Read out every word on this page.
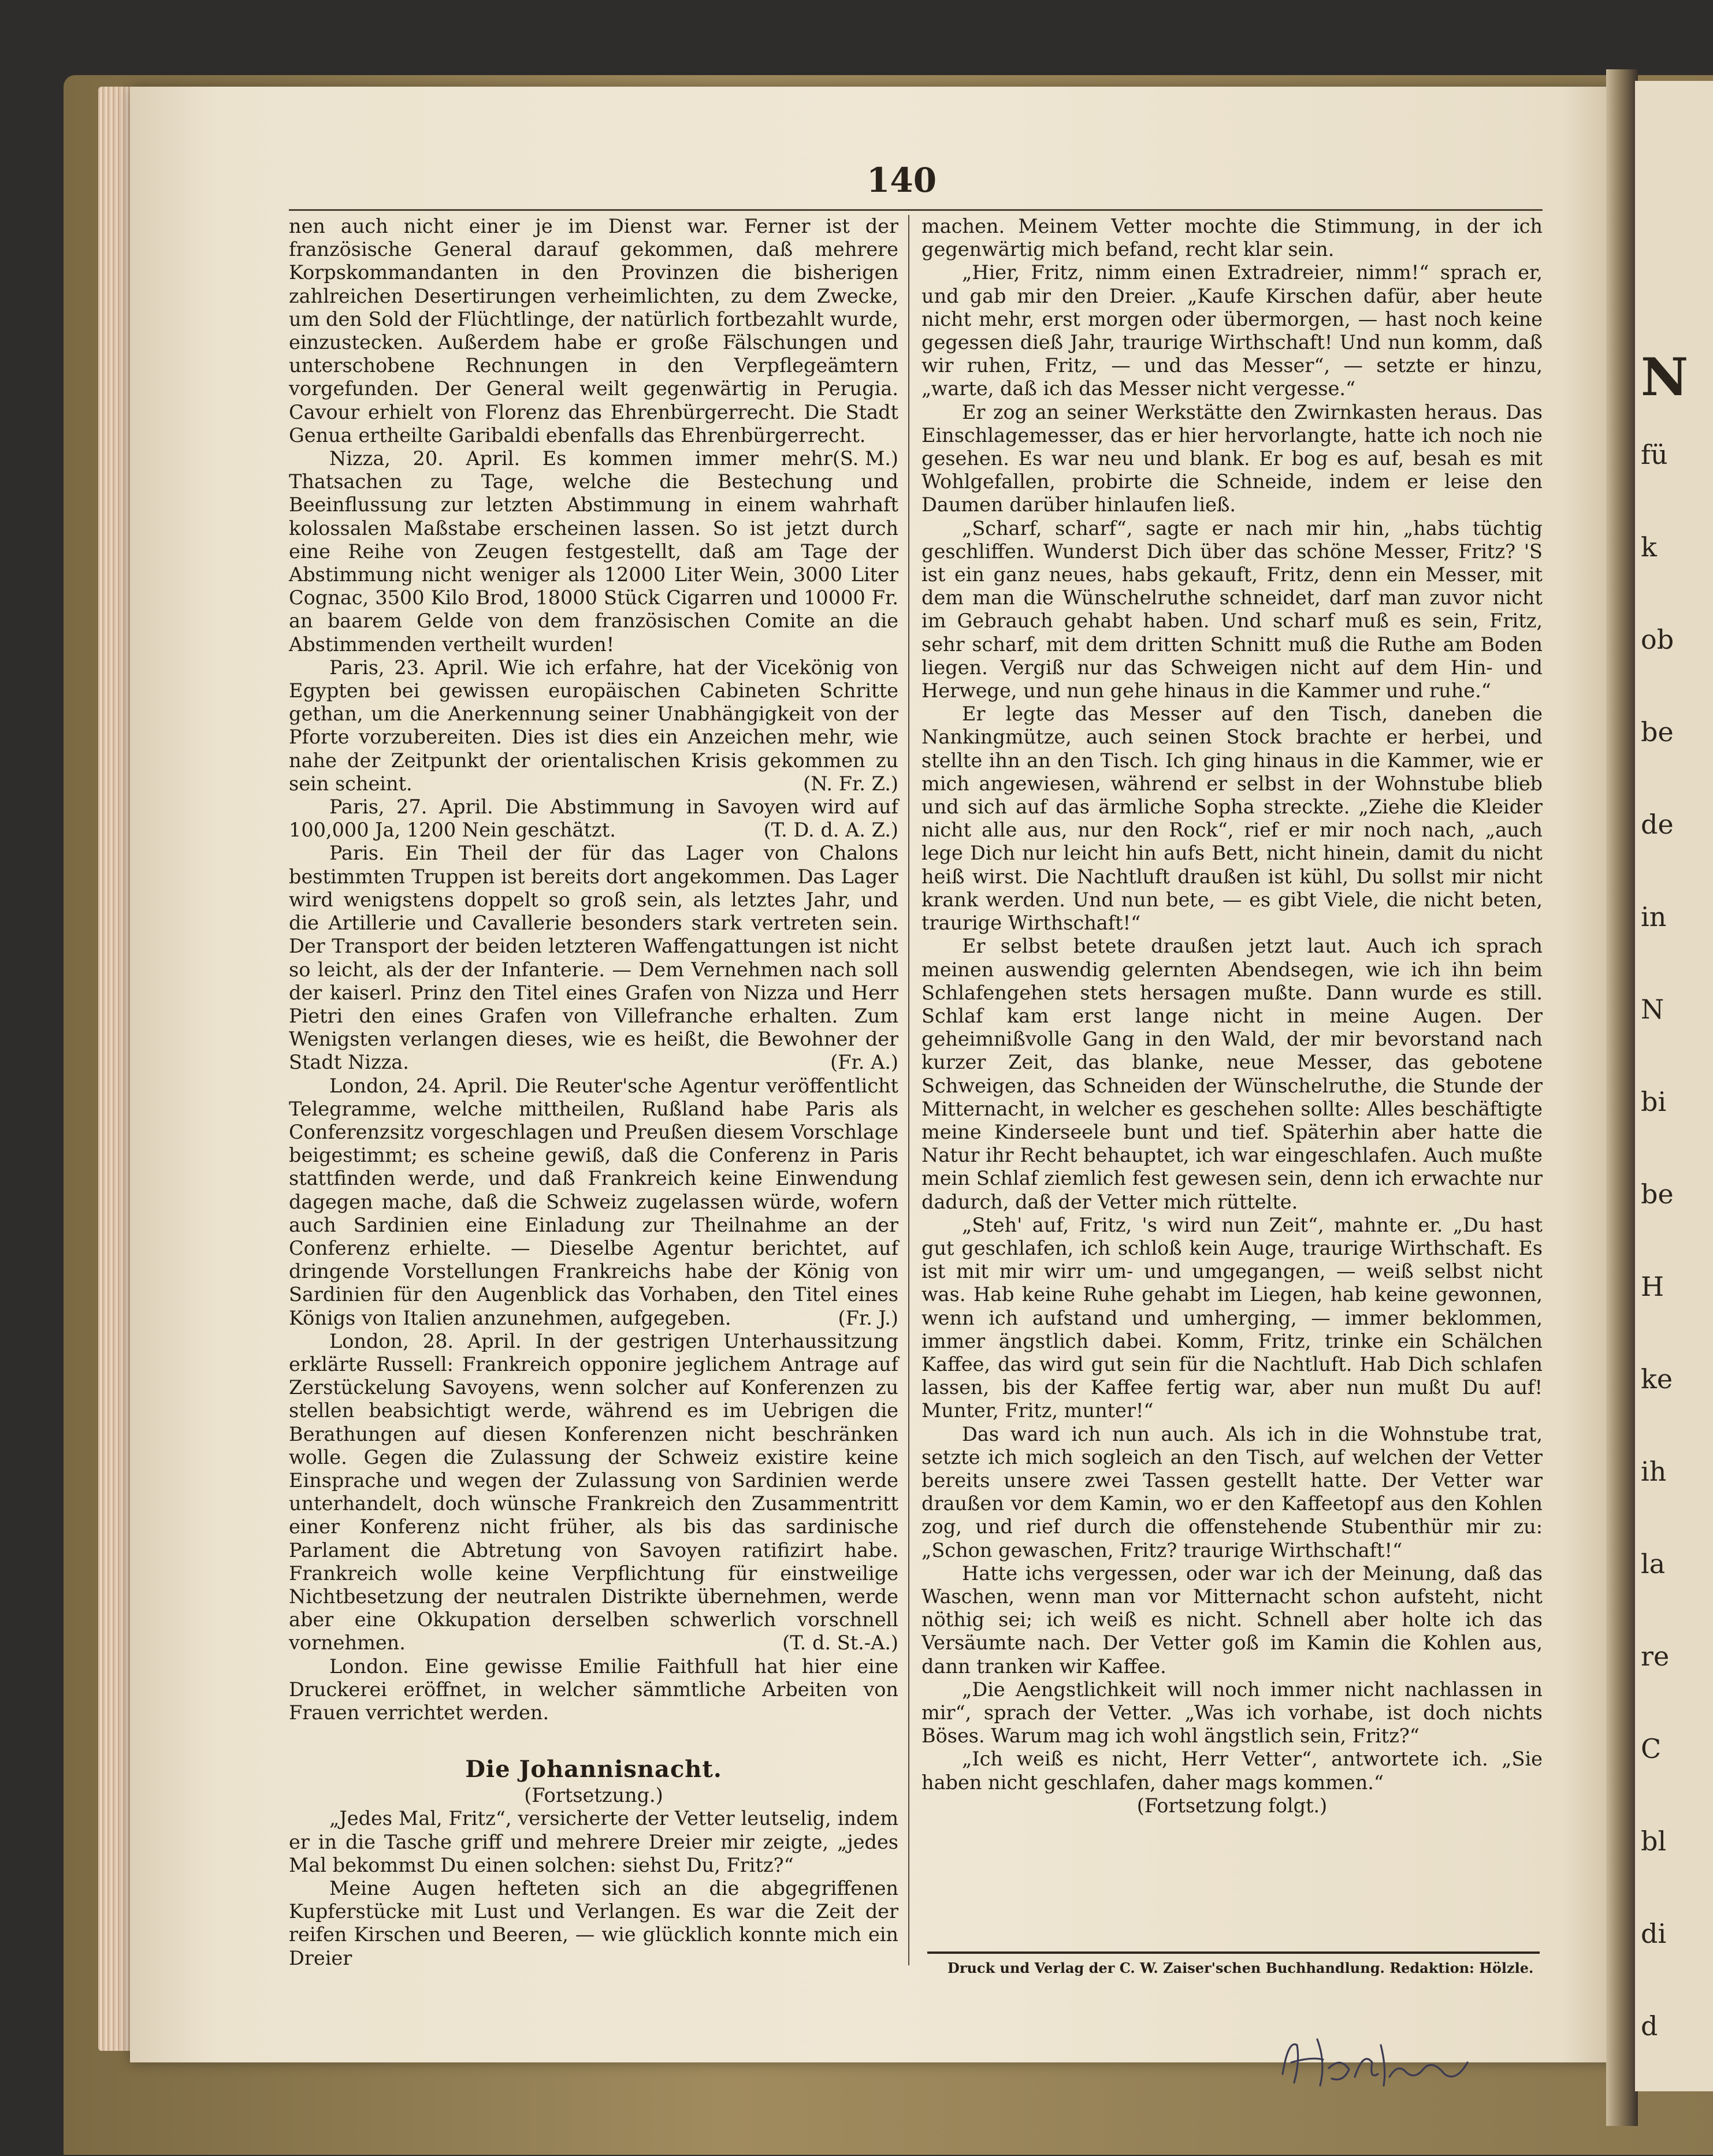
N
fü
k
ob
be
de
in
N
bi
be
H
ke
ih
la
re
C
bl
di
d
140

nen auch nicht einer je im Dienst war. Ferner ist der französische General darauf gekommen, daß mehrere Korpskommandanten in den Provinzen die bisherigen zahlreichen Desertirungen verheimlichten, zu dem Zwecke, um den Sold der Flüchtlinge, der natürlich fortbezahlt wurde, einzustecken. Außerdem habe er große Fälschungen und unterschobene Rechnungen in den Verpflegeämtern vorgefunden. Der General weilt gegenwärtig in Perugia. Cavour erhielt von Florenz das Ehrenbürgerrecht. Die Stadt Genua ertheilte Garibaldi ebenfalls das Ehrenbürgerrecht.
(S. M.)

Nizza, 20. April. Es kommen immer mehr Thatsachen zu Tage, welche die Bestechung und Beeinflussung zur letzten Abstimmung in einem wahrhaft kolossalen Maßstabe erscheinen lassen. So ist jetzt durch eine Reihe von Zeugen festgestellt, daß am Tage der Abstimmung nicht weniger als 12000 Liter Wein, 3000 Liter Cognac, 3500 Kilo Brod, 18000 Stück Cigarren und 10000 Fr. an baarem Gelde von dem französischen Comite an die Abstimmenden vertheilt wurden!

Paris, 23. April. Wie ich erfahre, hat der Vicekönig von Egypten bei gewissen europäischen Cabineten Schritte gethan, um die Anerkennung seiner Unabhängigkeit von der Pforte vorzubereiten. Dies ist dies ein Anzeichen mehr, wie nahe der Zeitpunkt der orientalischen Krisis gekommen zu sein scheint.	(N. Fr. Z.)

Paris, 27. April. Die Abstimmung in Savoyen wird auf 100,000 Ja, 1200 Nein geschätzt.	(T. D. d. A. Z.)

Paris. Ein Theil der für das Lager von Chalons bestimmten Truppen ist bereits dort angekommen. Das Lager wird wenigstens doppelt so groß sein, als letztes Jahr, und die Artillerie und Cavallerie besonders stark vertreten sein. Der Transport der beiden letzteren Waffengattungen ist nicht so leicht, als der der Infanterie. — Dem Vernehmen nach soll der kaiserl. Prinz den Titel eines Grafen von Nizza und Herr Pietri den eines Grafen von Villefranche erhalten. Zum Wenigsten verlangen dieses, wie es heißt, die Bewohner der Stadt Nizza.	(Fr. A.)

London, 24. April. Die Reuter'sche Agentur veröffentlicht Telegramme, welche mittheilen, Rußland habe Paris als Conferenzsitz vorgeschlagen und Preußen diesem Vorschlage beigestimmt; es scheine gewiß, daß die Conferenz in Paris stattfinden werde, und daß Frankreich keine Einwendung dagegen mache, daß die Schweiz zugelassen würde, wofern auch Sardinien eine Einladung zur Theilnahme an der Conferenz erhielte. — Dieselbe Agentur berichtet, auf dringende Vorstellungen Frankreichs habe der König von Sardinien für den Augenblick das Vorhaben, den Titel eines Königs von Italien anzunehmen, aufgegeben.	(Fr. J.)

London, 28. April. In der gestrigen Unterhaussitzung erklärte Russell: Frankreich opponire jeglichem Antrage auf Zerstückelung Savoyens, wenn solcher auf Konferenzen zu stellen beabsichtigt werde, während es im Uebrigen die Berathungen auf diesen Konferenzen nicht beschränken wolle. Gegen die Zulassung der Schweiz existire keine Einsprache und wegen der Zulassung von Sardinien werde unterhandelt, doch wünsche Frankreich den Zusammentritt einer Konferenz nicht früher, als bis das sardinische Parlament die Abtretung von Savoyen ratifizirt habe. Frankreich wolle keine Verpflichtung für einstweilige Nichtbesetzung der neutralen Distrikte übernehmen, werde aber eine Okkupation derselben schwerlich vorschnell vornehmen.	(T. d. St.-A.)

London. Eine gewisse Emilie Faithfull hat hier eine Druckerei eröffnet, in welcher sämmtliche Arbeiten von Frauen verrichtet werden.

Die Johannisnacht.

(Fortsetzung.)

„Jedes Mal, Fritz“, versicherte der Vetter leutselig, indem er in die Tasche griff und mehrere Dreier mir zeigte, „jedes Mal bekommst Du einen solchen: siehst Du, Fritz?“

Meine Augen hefteten sich an die abgegriffenen Kupferstücke mit Lust und Verlangen. Es war die Zeit der reifen Kirschen und Beeren, — wie glücklich konnte mich ein Dreier

machen. Meinem Vetter mochte die Stimmung, in der ich gegenwärtig mich befand, recht klar sein.

„Hier, Fritz, nimm einen Extradreier, nimm!“ sprach er, und gab mir den Dreier. „Kaufe Kirschen dafür, aber heute nicht mehr, erst morgen oder übermorgen, — hast noch keine gegessen dieß Jahr, traurige Wirthschaft! Und nun komm, daß wir ruhen, Fritz, — und das Messer“, — setzte er hinzu, „warte, daß ich das Messer nicht vergesse.“

Er zog an seiner Werkstätte den Zwirnkasten heraus. Das Einschlagemesser, das er hier hervorlangte, hatte ich noch nie gesehen. Es war neu und blank. Er bog es auf, besah es mit Wohlgefallen, probirte die Schneide, indem er leise den Daumen darüber hinlaufen ließ.

„Scharf, scharf“, sagte er nach mir hin, „habs tüchtig geschliffen. Wunderst Dich über das schöne Messer, Fritz? 'S ist ein ganz neues, habs gekauft, Fritz, denn ein Messer, mit dem man die Wünschelruthe schneidet, darf man zuvor nicht im Gebrauch gehabt haben. Und scharf muß es sein, Fritz, sehr scharf, mit dem dritten Schnitt muß die Ruthe am Boden liegen. Vergiß nur das Schweigen nicht auf dem Hin- und Herwege, und nun gehe hinaus in die Kammer und ruhe.“

Er legte das Messer auf den Tisch, daneben die Nankingmütze, auch seinen Stock brachte er herbei, und stellte ihn an den Tisch. Ich ging hinaus in die Kammer, wie er mich angewiesen, während er selbst in der Wohnstube blieb und sich auf das ärmliche Sopha streckte. „Ziehe die Kleider nicht alle aus, nur den Rock“, rief er mir noch nach, „auch lege Dich nur leicht hin aufs Bett, nicht hinein, damit du nicht heiß wirst. Die Nachtluft draußen ist kühl, Du sollst mir nicht krank werden. Und nun bete, — es gibt Viele, die nicht beten, traurige Wirthschaft!“

Er selbst betete draußen jetzt laut. Auch ich sprach meinen auswendig gelernten Abendsegen, wie ich ihn beim Schlafengehen stets hersagen mußte. Dann wurde es still. Schlaf kam erst lange nicht in meine Augen. Der geheimnißvolle Gang in den Wald, der mir bevorstand nach kurzer Zeit, das blanke, neue Messer, das gebotene Schweigen, das Schneiden der Wünschelruthe, die Stunde der Mitternacht, in welcher es geschehen sollte: Alles beschäftigte meine Kinderseele bunt und tief. Späterhin aber hatte die Natur ihr Recht behauptet, ich war eingeschlafen. Auch mußte mein Schlaf ziemlich fest gewesen sein, denn ich erwachte nur dadurch, daß der Vetter mich rüttelte.

„Steh' auf, Fritz, 's wird nun Zeit“, mahnte er. „Du hast gut geschlafen, ich schloß kein Auge, traurige Wirthschaft. Es ist mit mir wirr um- und umgegangen, — weiß selbst nicht was. Hab keine Ruhe gehabt im Liegen, hab keine gewonnen, wenn ich aufstand und umherging, — immer beklommen, immer ängstlich dabei. Komm, Fritz, trinke ein Schälchen Kaffee, das wird gut sein für die Nachtluft. Hab Dich schlafen lassen, bis der Kaffee fertig war, aber nun mußt Du auf! Munter, Fritz, munter!“

Das ward ich nun auch. Als ich in die Wohnstube trat, setzte ich mich sogleich an den Tisch, auf welchen der Vetter bereits unsere zwei Tassen gestellt hatte. Der Vetter war draußen vor dem Kamin, wo er den Kaffeetopf aus den Kohlen zog, und rief durch die offenstehende Stubenthür mir zu: „Schon gewaschen, Fritz? traurige Wirthschaft!“

Hatte ichs vergessen, oder war ich der Meinung, daß das Waschen, wenn man vor Mitternacht schon aufsteht, nicht nöthig sei; ich weiß es nicht. Schnell aber holte ich das Versäumte nach. Der Vetter goß im Kamin die Kohlen aus, dann tranken wir Kaffee.

„Die Aengstlichkeit will noch immer nicht nachlassen in mir“, sprach der Vetter. „Was ich vorhabe, ist doch nichts Böses. Warum mag ich wohl ängstlich sein, Fritz?“

„Ich weiß es nicht, Herr Vetter“, antwortete ich. „Sie haben nicht geschlafen, daher mags kommen.“

(Fortsetzung folgt.)

Druck und Verlag der C. W. Zaiser'schen Buchhandlung. Redaktion: Hölzle.
